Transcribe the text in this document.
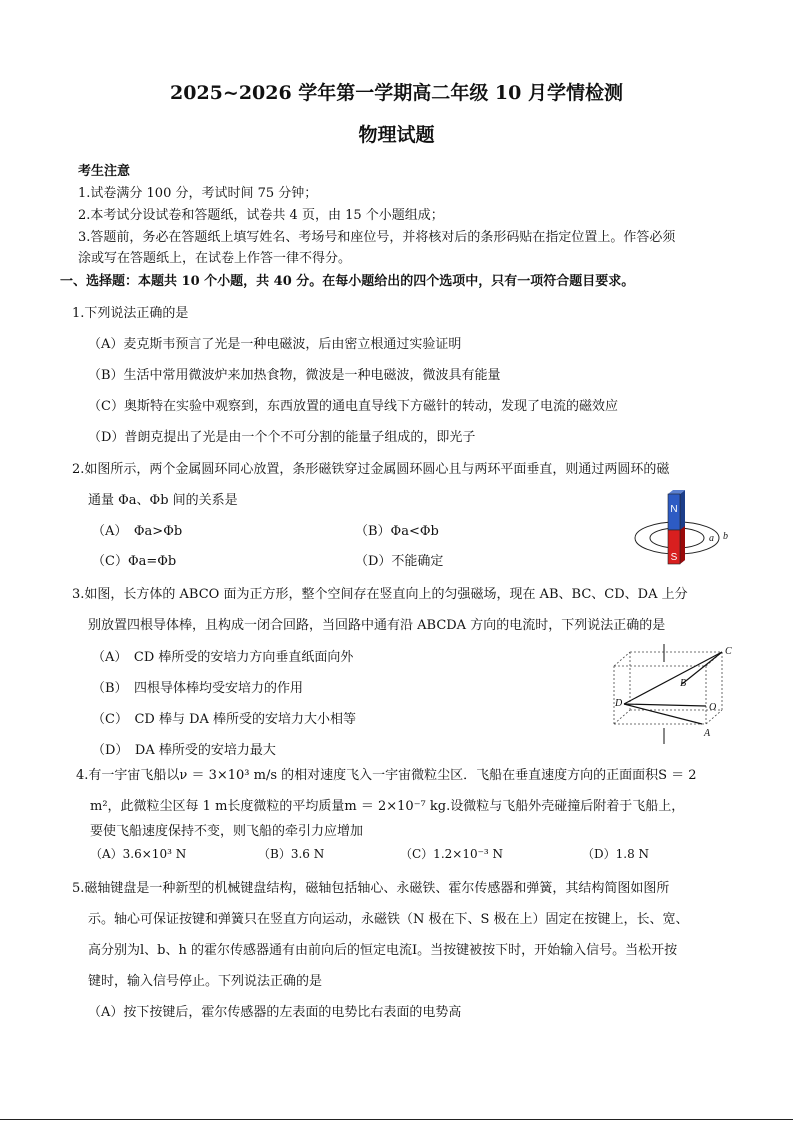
2025~2026 学年第一学期高二年级 10 月学情检测
物理试题
考生注意
1.试卷满分 100 分，考试时间 75 分钟；
2.本考试分设试卷和答题纸，试卷共 4 页，由 15 个小题组成；
3.答题前，务必在答题纸上填写姓名、考场号和座位号，并将核对后的条形码贴在指定位置上。作答必须
涂或写在答题纸上，在试卷上作答一律不得分。
一、选择题：本题共 10 个小题，共 40 分。在每小题给出的四个选项中，只有一项符合题目要求。
1.下列说法正确的是
（A）麦克斯韦预言了光是一种电磁波，后由密立根通过实验证明
（B）生活中常用微波炉来加热食物，微波是一种电磁波，微波具有能量
（C）奥斯特在实验中观察到，东西放置的通电直导线下方磁针的转动，发现了电流的磁效应
（D）普朗克提出了光是由一个个不可分割的能量子组成的，即光子
2.如图所示，两个金属圆环同心放置，条形磁铁穿过金属圆环圆心且与两环平面垂直，则通过两圆环的磁
通量 Φa、Φb 间的关系是
（A）　Φa>Φb	（B）Φa<Φb
（C）Φa=Φb	（D）不能确定
N
S
a b
3.如图，长方体的 ABCO 面为正方形，整个空间存在竖直向上的匀强磁场，现在 AB、BC、CD、DA 上分
别放置四根导体棒，且构成一闭合回路，当回路中通有沿 ABCDA 方向的电流时，下列说法正确的是
（A）　CD 棒所受的安培力方向垂直纸面向外
（B）　四根导体棒均受安培力的作用
（C）　CD 棒与 DA 棒所受的安培力大小相等
（D）　DA 棒所受的安培力最大
C
B
D	O
A
4.有一宇宙飞船以ν ＝ 3×10³ m/s 的相对速度飞入一宇宙微粒尘区．飞船在垂直速度方向的正面面积S ＝ 2
m²，此微粒尘区每 1 m长度微粒的平均质量m ＝ 2×10⁻⁷ kg.设微粒与飞船外壳碰撞后附着于飞船上，
要使飞船速度保持不变，则飞船的牵引力应增加
（A）3.6×10³ N	（B）3.6 N	（C）1.2×10⁻³ N	（D）1.8 N
5.磁轴键盘是一种新型的机械键盘结构，磁轴包括轴心、永磁铁、霍尔传感器和弹簧，其结构简图如图所
示。轴心可保证按键和弹簧只在竖直方向运动，永磁铁（N 极在下、S 极在上）固定在按键上，长、宽、
高分别为l、b、h 的霍尔传感器通有由前向后的恒定电流I。当按键被按下时，开始输入信号。当松开按
键时，输入信号停止。下列说法正确的是
（A）按下按键后，霍尔传感器的左表面的电势比右表面的电势高
